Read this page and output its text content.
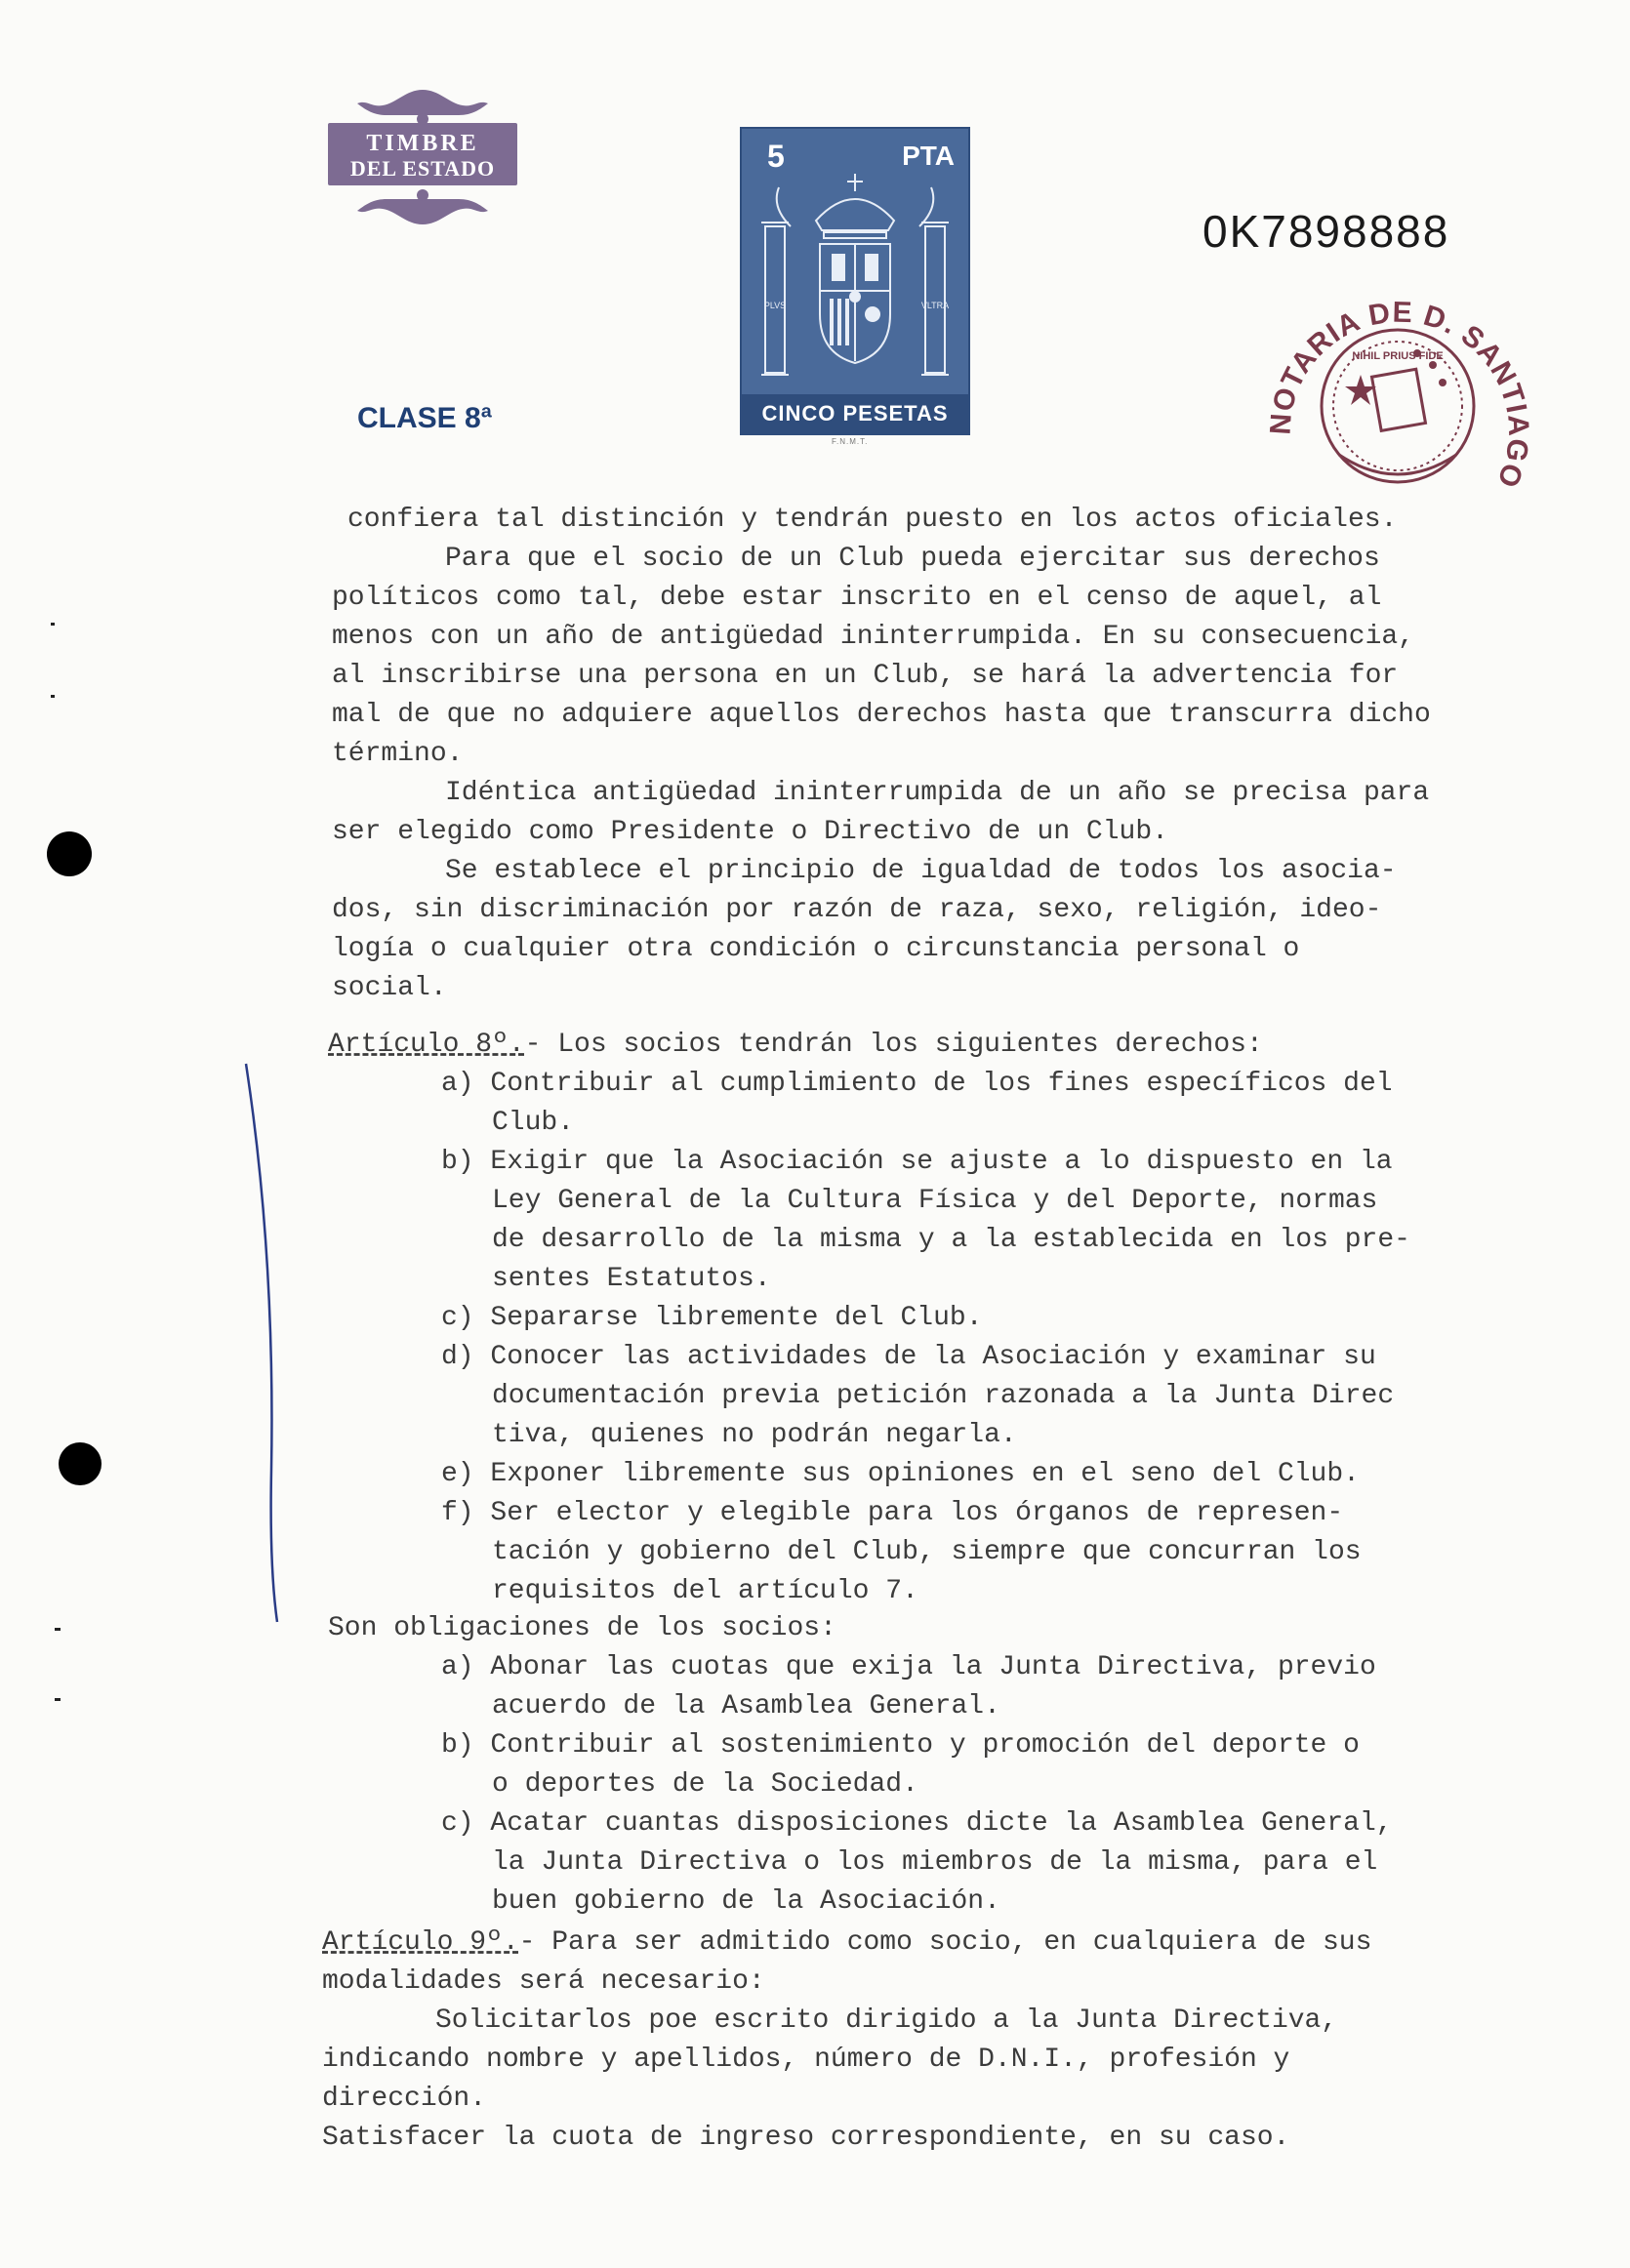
TIMBRE
DEL ESTADO	5	PTA
PLVS	VLTRA
CINCO PESETAS
F.N.M.T.
CLASE 8ª
0K7898888
NOTARIA DE D. SANTIAGO
NIHIL PRIUS FIDE
confiera tal distinción y tendrán puesto en los actos oficiales.
Para que el socio de un Club pueda ejercitar sus derechos
políticos como tal, debe estar inscrito en el censo de aquel, al
menos con un año de antigüedad ininterrumpida. En su consecuencia,
al inscribirse una persona en un Club, se hará la advertencia for
mal de que no adquiere aquellos derechos hasta que transcurra dicho
término.
Idéntica antigüedad ininterrumpida de un año se precisa para
ser elegido como Presidente o Directivo de un Club.
Se establece el principio de igualdad de todos los asocia-
dos, sin discriminación por razón de raza, sexo, religión, ideo-
logía o cualquier otra condición o circunstancia personal o
social.
Artículo 8º.- Los socios tendrán los siguientes derechos:
a) Contribuir al cumplimiento de los fines específicos del
Club.
b) Exigir que la Asociación se ajuste a lo dispuesto en la
Ley General de la Cultura Física y del Deporte, normas
de desarrollo de la misma y a la establecida en los pre-
sentes Estatutos.
c) Separarse libremente del Club.
d) Conocer las actividades de la Asociación y examinar su
documentación previa petición razonada a la Junta Direc
tiva, quienes no podrán negarla.
e) Exponer libremente sus opiniones en el seno del Club.
f) Ser elector y elegible para los órganos de represen-
tación y gobierno del Club, siempre que concurran los
requisitos del artículo 7.
Son obligaciones de los socios:
a) Abonar las cuotas que exija la Junta Directiva, previo
acuerdo de la Asamblea General.
b) Contribuir al sostenimiento y promoción del deporte o
o deportes de la Sociedad.
c) Acatar cuantas disposiciones dicte la Asamblea General,
la Junta Directiva o los miembros de la misma, para el
buen gobierno de la Asociación.
Artículo 9º.- Para ser admitido como socio, en cualquiera de sus
modalidades será necesario:
Solicitarlos poe escrito dirigido a la Junta Directiva,
indicando nombre y apellidos, número de D.N.I., profesión y
dirección.
Satisfacer la cuota de ingreso correspondiente, en su caso.
